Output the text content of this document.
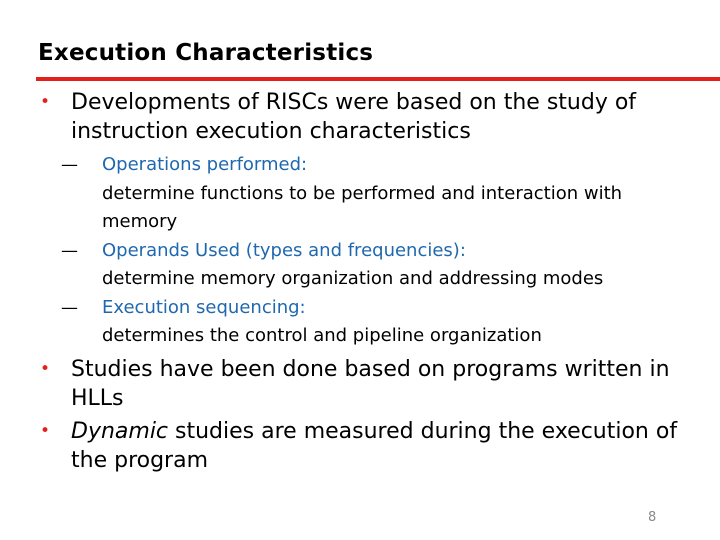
Execution Characteristics
• Developments of RISCs were based on the study of instruction execution characteristics
— Operations performed:
determine functions to be performed and interaction with memory
— Operands Used (types and frequencies):
determine memory organization and addressing modes
— Execution sequencing:
determines the control and pipeline organization
• Studies have been done based on programs written in HLLs
• Dynamic studies are measured during the execution of the program
8
